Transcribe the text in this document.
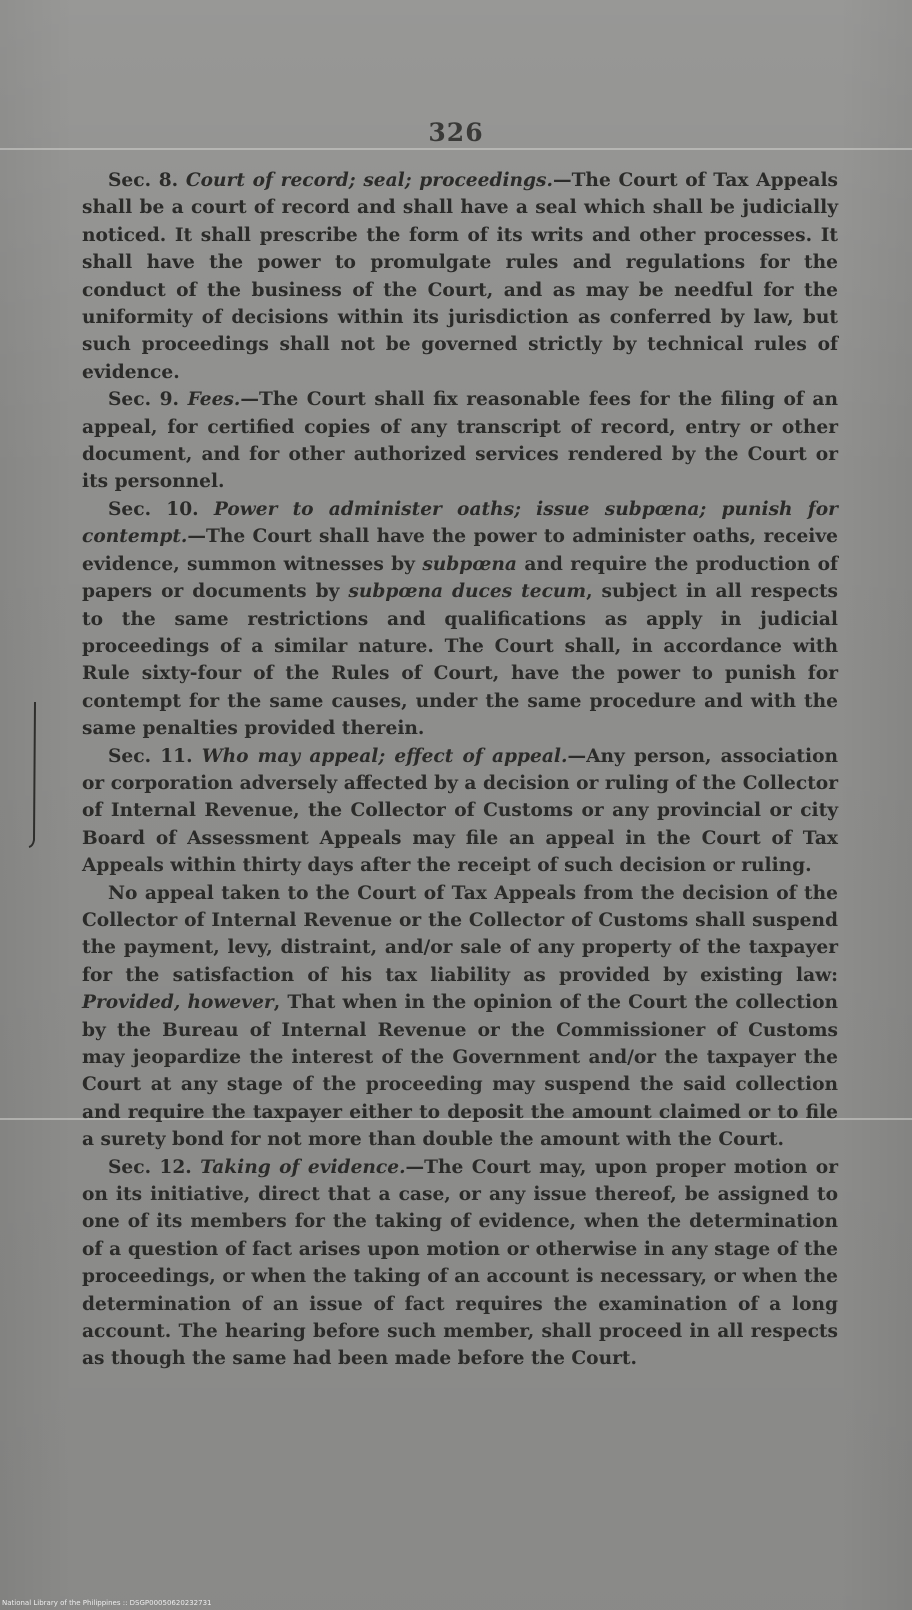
326

Sec. 8. Court of record; seal; proceedings.—The Court of Tax Appeals shall be a court of record and shall have a seal which shall be judicially noticed. It shall prescribe the form of its writs and other processes. It shall have the power to promulgate rules and regulations for the conduct of the business of the Court, and as may be needful for the uniformity of decisions within its jurisdiction as conferred by law, but such proceedings shall not be governed strictly by technical rules of evidence.

Sec. 9. Fees.—The Court shall fix reasonable fees for the filing of an appeal, for certified copies of any transcript of record, entry or other document, and for other authorized services rendered by the Court or its personnel.

Sec. 10. Power to administer oaths; issue subpœna; punish for contempt.—The Court shall have the power to administer oaths, receive evidence, summon witnesses by subpœna and require the production of papers or documents by subpœna duces tecum, subject in all respects to the same restrictions and qualifications as apply in judicial proceedings of a similar nature. The Court shall, in accordance with Rule sixty-four of the Rules of Court, have the power to punish for contempt for the same causes, under the same procedure and with the same penalties provided therein.

Sec. 11. Who may appeal; effect of appeal.—Any person, association or corporation adversely affected by a decision or ruling of the Collector of Internal Revenue, the Collector of Customs or any provincial or city Board of Assessment Appeals may file an appeal in the Court of Tax Appeals within thirty days after the receipt of such decision or ruling.

No appeal taken to the Court of Tax Appeals from the decision of the Collector of Internal Revenue or the Collector of Customs shall suspend the payment, levy, distraint, and/or sale of any property of the taxpayer for the satisfaction of his tax liability as provided by existing law: Provided, however, That when in the opinion of the Court the collection by the Bureau of Internal Revenue or the Commissioner of Customs may jeopardize the interest of the Government and/or the taxpayer the Court at any stage of the proceeding may suspend the said collection and require the taxpayer either to deposit the amount claimed or to file a surety bond for not more than double the amount with the Court.

Sec. 12. Taking of evidence.—The Court may, upon proper motion or on its initiative, direct that a case, or any issue thereof, be assigned to one of its members for the taking of evidence, when the determination of a question of fact arises upon motion or otherwise in any stage of the proceedings, or when the taking of an account is necessary, or when the determination of an issue of fact requires the examination of a long account. The hearing before such member, shall proceed in all respects as though the same had been made before the Court.

National Library of the Philippines :: DSGP00050620232731
